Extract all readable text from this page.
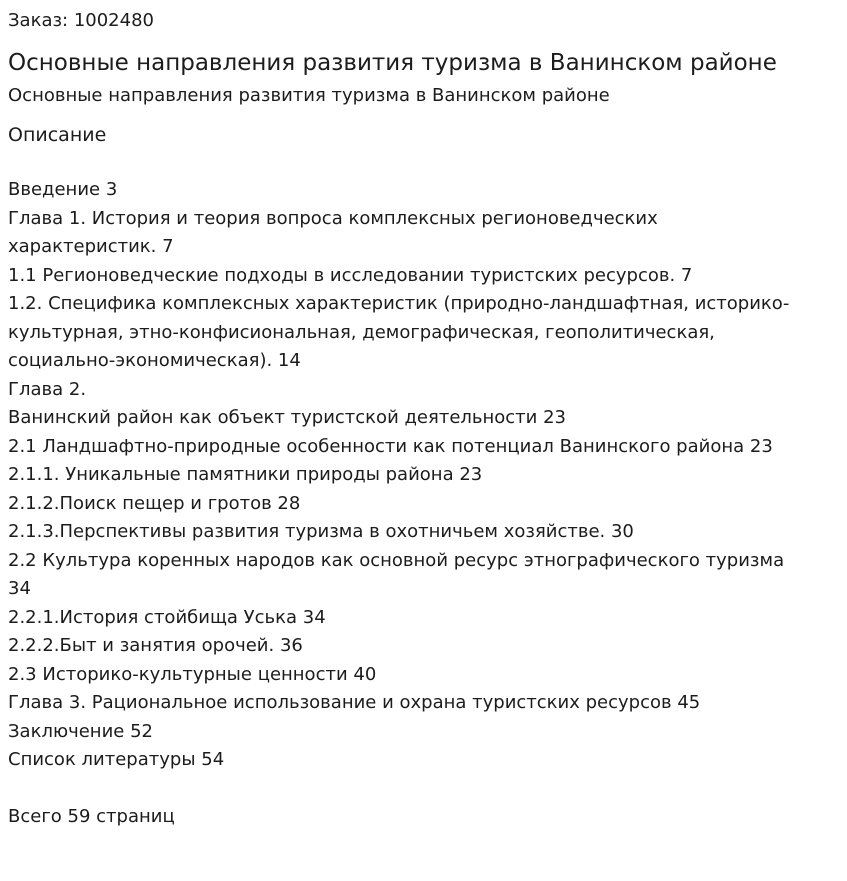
Заказ: 1002480
Основные направления развития туризма в Ванинском районе
Основные направления развития туризма в Ванинском районе
Описание
Введение 3
Глава 1. История и теория вопроса комплексных регионоведческих
характеристик. 7
1.1 Регионоведческие подходы в исследовании туристских ресурсов. 7
1.2. Специфика комплексных характеристик (природно-ландшафтная, историко-
культурная, этно-конфисиональная, демографическая, геополитическая,
социально-экономическая). 14
Глава 2.
Ванинский район как объект туристской деятельности 23
2.1 Ландшафтно-природные особенности как потенциал Ванинского района 23
2.1.1. Уникальные памятники природы района 23
2.1.2.Поиск пещер и гротов 28
2.1.3.Перспективы развития туризма в охотничьем хозяйстве. 30
2.2 Культура коренных народов как основной ресурс этнографического туризма
34
2.2.1.История стойбища Уська 34
2.2.2.Быт и занятия орочей. 36
2.3 Историко-культурные ценности 40
Глава 3. Рациональное использование и охрана туристских ресурсов 45
Заключение 52
Список литературы 54
Всего 59 страниц
